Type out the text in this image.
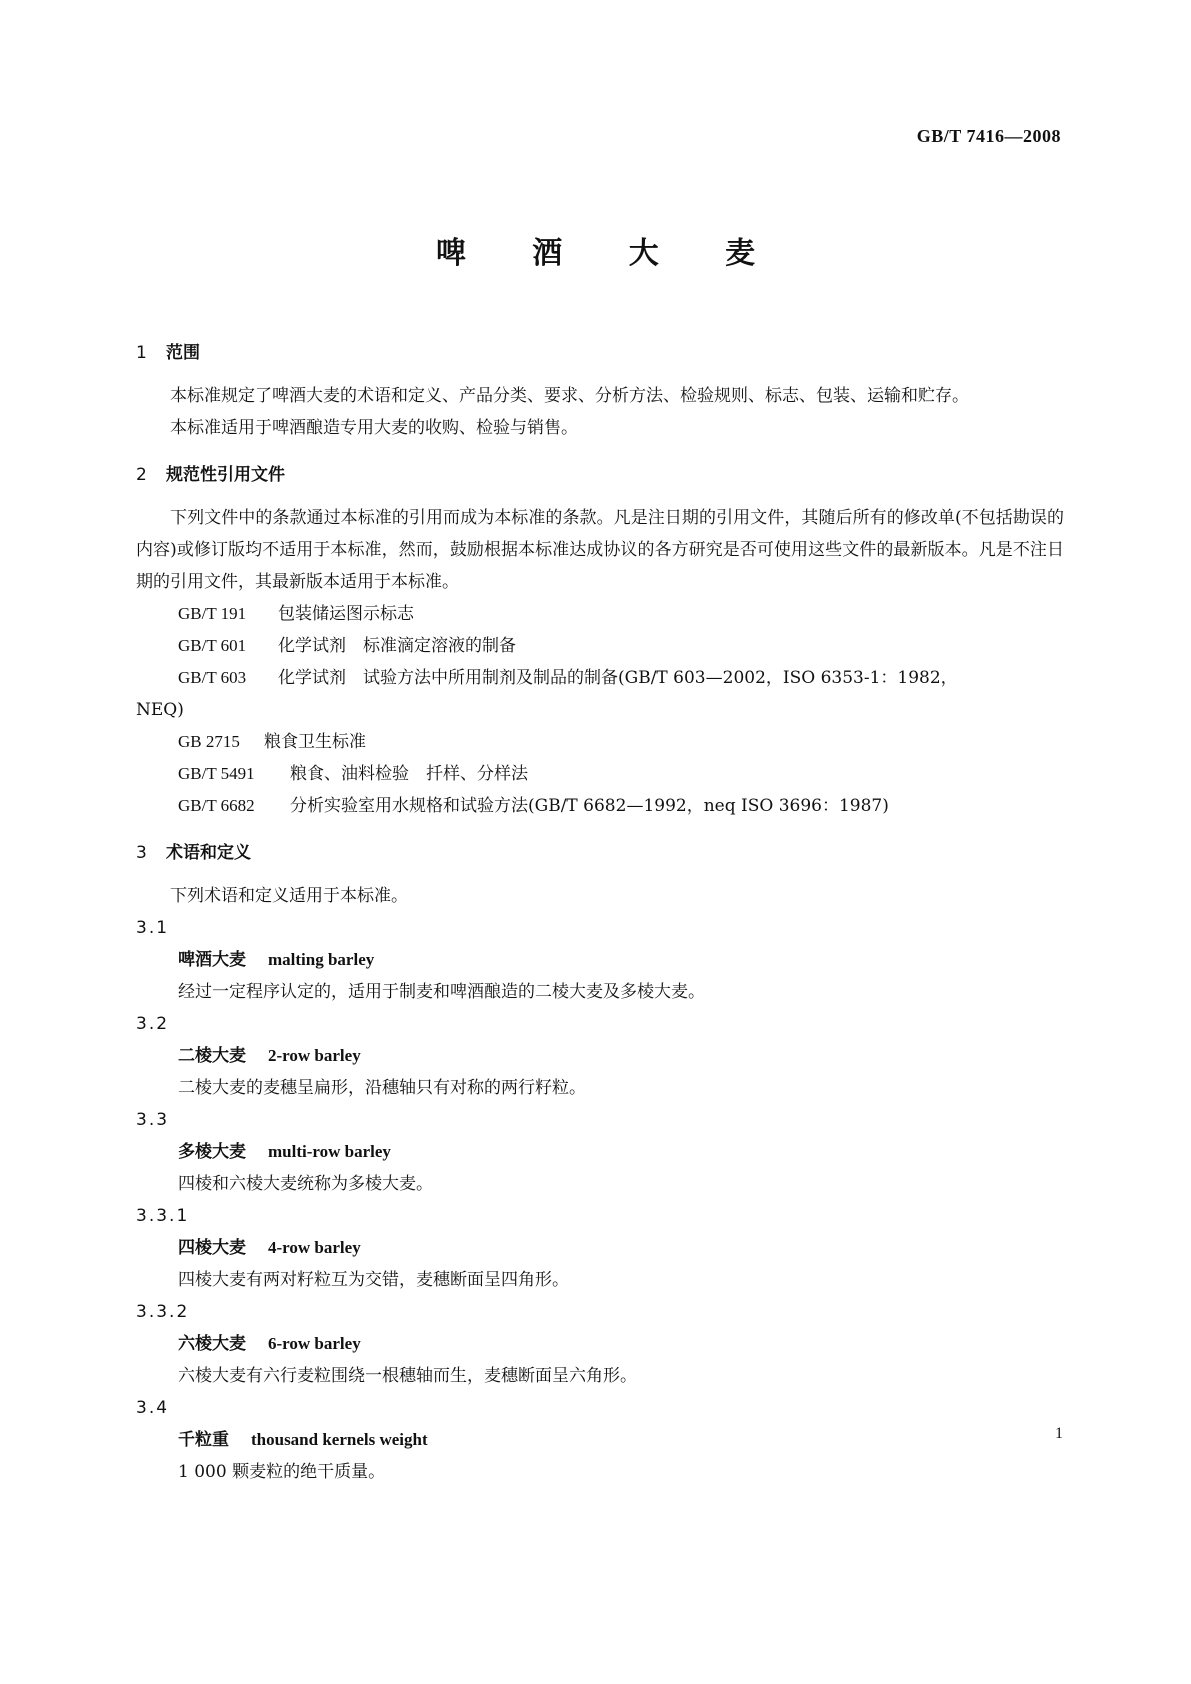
GB/T 7416—2008
啤 酒 大 麦
1 范围

本标准规定了啤酒大麦的术语和定义、产品分类、要求、分析方法、检验规则、标志、包装、运输和贮存。

本标准适用于啤酒酿造专用大麦的收购、检验与销售。

2 规范性引用文件

下列文件中的条款通过本标准的引用而成为本标准的条款。凡是注日期的引用文件，其随后所有的修改单(不包括勘误的内容)或修订版均不适用于本标准，然而，鼓励根据本标准达成协议的各方研究是否可使用这些文件的最新版本。凡是不注日期的引用文件，其最新版本适用于本标准。

GB/T 191 包装储运图示标志

GB/T 601 化学试剂　标准滴定溶液的制备

GB/T 603 化学试剂　试验方法中所用制剂及制品的制备(GB/T 603—2002，ISO 6353-1：1982，

NEQ)

GB 2715 粮食卫生标准

GB/T 5491 粮食、油料检验　扦样、分样法

GB/T 6682 分析实验室用水规格和试验方法(GB/T 6682—1992，neq ISO 3696：1987)

3 术语和定义

下列术语和定义适用于本标准。

3.1

啤酒大麦 malting barley

经过一定程序认定的，适用于制麦和啤酒酿造的二棱大麦及多棱大麦。

3.2

二棱大麦 2-row barley

二棱大麦的麦穗呈扁形，沿穗轴只有对称的两行籽粒。

3.3

多棱大麦 multi-row barley

四棱和六棱大麦统称为多棱大麦。

3.3.1

四棱大麦 4-row barley

四棱大麦有两对籽粒互为交错，麦穗断面呈四角形。

3.3.2

六棱大麦 6-row barley

六棱大麦有六行麦粒围绕一根穗轴而生，麦穗断面呈六角形。

3.4

千粒重 thousand kernels weight

1 000 颗麦粒的绝干质量。

1
